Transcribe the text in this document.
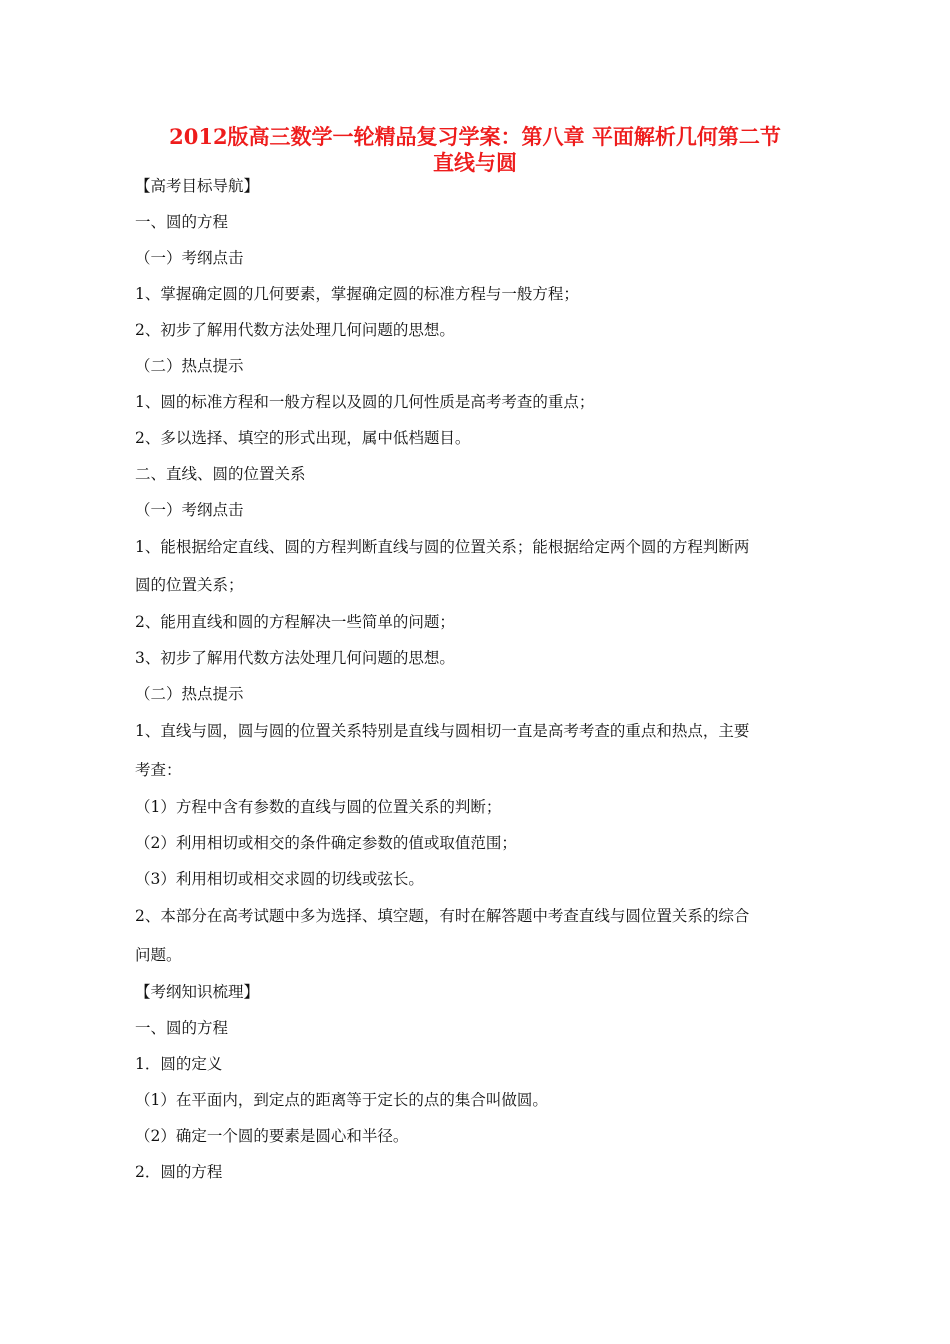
2012版高三数学一轮精品复习学案：第八章 平面解析几何第二节
直线与圆
【高考目标导航】
一、圆的方程
（一）考纲点击
1、掌握确定圆的几何要素，掌握确定圆的标准方程与一般方程；
2、初步了解用代数方法处理几何问题的思想。
（二）热点提示
1、圆的标准方程和一般方程以及圆的几何性质是高考考查的重点；
2、多以选择、填空的形式出现，属中低档题目。
二、直线、圆的位置关系
（一）考纲点击
1、能根据给定直线、圆的方程判断直线与圆的位置关系；能根据给定两个圆的方程判断两
圆的位置关系；
2、能用直线和圆的方程解决一些简单的问题；
3、初步了解用代数方法处理几何问题的思想。
（二）热点提示
1、直线与圆，圆与圆的位置关系特别是直线与圆相切一直是高考考查的重点和热点，主要
考查：
（1）方程中含有参数的直线与圆的位置关系的判断；
（2）利用相切或相交的条件确定参数的值或取值范围；
（3）利用相切或相交求圆的切线或弦长。
2、本部分在高考试题中多为选择、填空题，有时在解答题中考查直线与圆位置关系的综合
问题。
【考纲知识梳理】
一、圆的方程
1．圆的定义
（1）在平面内，到定点的距离等于定长的点的集合叫做圆。
（2）确定一个圆的要素是圆心和半径。
2．圆的方程
